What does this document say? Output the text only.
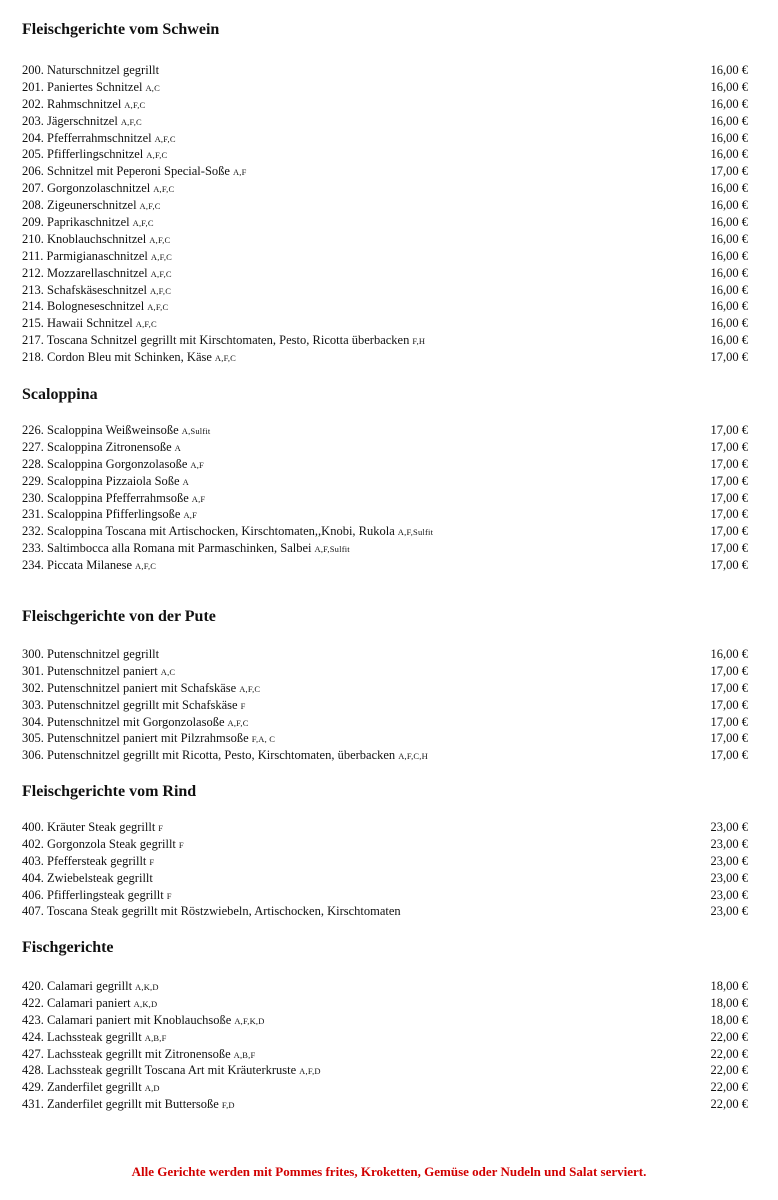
Fleischgerichte vom Schwein
200. Naturschnitzel gegrillt	16,00 €
201. Paniertes Schnitzel A,C	16,00 €
202. Rahmschnitzel A,F,C	16,00 €
203. Jägerschnitzel A,F,C	16,00 €
204. Pfefferrahmschnitzel A,F,C	16,00 €
205. Pfifferlingschnitzel A,F,C	16,00 €
206. Schnitzel mit Peperoni Special-Soße A,F	17,00 €
207. Gorgonzolaschnitzel A,F,C	16,00 €
208. Zigeunerschnitzel A,F,C	16,00 €
209. Paprikaschnitzel A,F,C	16,00 €
210. Knoblauchschnitzel A,F,C	16,00 €
211. Parmigianaschnitzel A,F,C	16,00 €
212. Mozzarellaschnitzel A,F,C	16,00 €
213. Schafskäseschnitzel A,F,C	16,00 €
214. Bologneseschnitzel A,F,C	16,00 €
215. Hawaii Schnitzel A,F,C	16,00 €
217. Toscana Schnitzel gegrillt mit Kirschtomaten, Pesto, Ricotta überbacken F,H	16,00 €
218. Cordon Bleu mit Schinken, Käse A,F,C	17,00 €
Scaloppina
226. Scaloppina Weißweinsoße A,Sulfit	17,00 €
227. Scaloppina Zitronensoße A	17,00 €
228. Scaloppina Gorgonzolasoße A,F	17,00 €
229. Scaloppina Pizzaiola Soße A	17,00 €
230. Scaloppina Pfefferrahmsoße A,F	17,00 €
231. Scaloppina Pfifferlingsoße A,F	17,00 €
232. Scaloppina Toscana mit Artischocken, Kirschtomaten,,Knobi, Rukola A,F,Sulfit	17,00 €
233. Saltimbocca alla Romana mit Parmaschinken, Salbei A,F,Sulfit	17,00 €
234. Piccata Milanese A,F,C	17,00 €
Fleischgerichte von der Pute
300. Putenschnitzel gegrillt	16,00 €
301. Putenschnitzel paniert A,C	17,00 €
302. Putenschnitzel paniert mit Schafskäse A,F,C	17,00 €
303. Putenschnitzel gegrillt mit Schafskäse F	17,00 €
304. Putenschnitzel mit Gorgonzolasoße A,F,C	17,00 €
305. Putenschnitzel paniert mit Pilzrahmsoße F,A, C	17,00 €
306. Putenschnitzel gegrillt mit Ricotta, Pesto, Kirschtomaten, überbacken A,F,C,H	17,00 €
Fleischgerichte vom Rind
400. Kräuter Steak gegrillt F	23,00 €
402. Gorgonzola Steak gegrillt F	23,00 €
403. Pfeffersteak gegrillt F	23,00 €
404. Zwiebelsteak gegrillt	23,00 €
406. Pfifferlingsteak gegrillt F	23,00 €
407. Toscana Steak gegrillt mit Röstzwiebeln, Artischocken, Kirschtomaten	23,00 €
Fischgerichte
420. Calamari gegrillt A,K,D	18,00 €
422. Calamari paniert A,K,D	18,00 €
423. Calamari paniert mit Knoblauchsoße A,F,K,D	18,00 €
424. Lachssteak gegrillt A,B,F	22,00 €
427. Lachssteak gegrillt mit Zitronensoße A,B,F	22,00 €
428. Lachssteak gegrillt Toscana Art mit Kräuterkruste A,F,D	22,00 €
429. Zanderfilet gegrillt A,D	22,00 €
431. Zanderfilet gegrillt mit Buttersoße F,D	22,00 €
Alle Gerichte werden mit Pommes frites, Kroketten, Gemüse oder Nudeln und Salat serviert.
